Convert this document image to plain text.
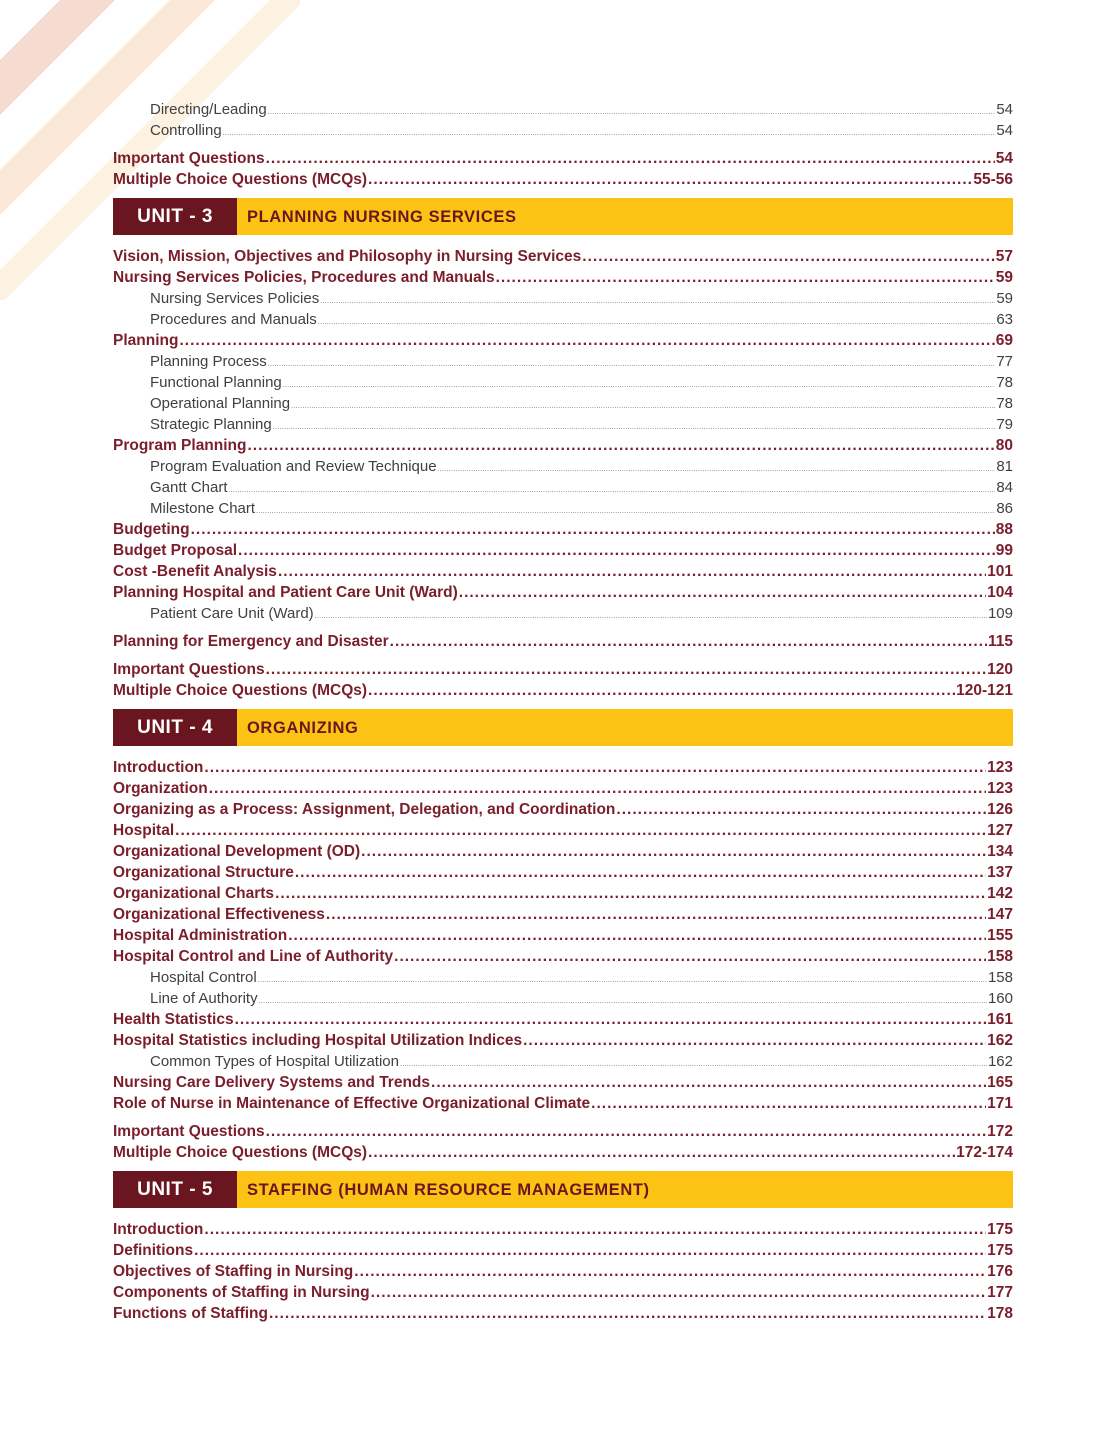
Directing/Leading .....	54
Controlling .....	54
Important Questions .....	54
Multiple Choice Questions (MCQs) .....	55-56
UNIT - 3	PLANNING NURSING SERVICES
Vision, Mission, Objectives and Philosophy in Nursing Services .....	57
Nursing Services Policies, Procedures and Manuals .....	59
Nursing Services Policies .....	59
Procedures and Manuals .....	63
Planning .....	69
Planning Process .....	77
Functional Planning .....	78
Operational Planning .....	78
Strategic Planning .....	79
Program Planning .....	80
Program Evaluation and Review Technique .....	81
Gantt Chart .....	84
Milestone Chart .....	86
Budgeting .....	88
Budget Proposal .....	99
Cost -Benefit Analysis .....	101
Planning Hospital and Patient Care Unit (Ward) .....	104
Patient Care Unit (Ward) .....	109
Planning for Emergency and Disaster .....	115
Important Questions .....	120
Multiple Choice Questions (MCQs) .....	120-121
UNIT - 4	ORGANIZING
Introduction .....	123
Organization .....	123
Organizing as a Process: Assignment, Delegation, and Coordination .....	126
Hospital .....	127
Organizational Development (OD) .....	134
Organizational Structure .....	137
Organizational Charts .....	142
Organizational Effectiveness .....	147
Hospital Administration .....	155
Hospital Control and Line of Authority .....	158
Hospital Control .....	158
Line of Authority .....	160
Health Statistics .....	161
Hospital Statistics including Hospital Utilization Indices .....	162
Common Types of Hospital Utilization .....	162
Nursing Care Delivery Systems and Trends .....	165
Role of Nurse in Maintenance of Effective Organizational Climate .....	171
Important Questions .....	172
Multiple Choice Questions (MCQs) .....	172-174
UNIT - 5	STAFFING (HUMAN RESOURCE MANAGEMENT)
Introduction .....	175
Definitions .....	175
Objectives of Staffing in Nursing .....	176
Components of Staffing in Nursing .....	177
Functions of Staffing .....	178
